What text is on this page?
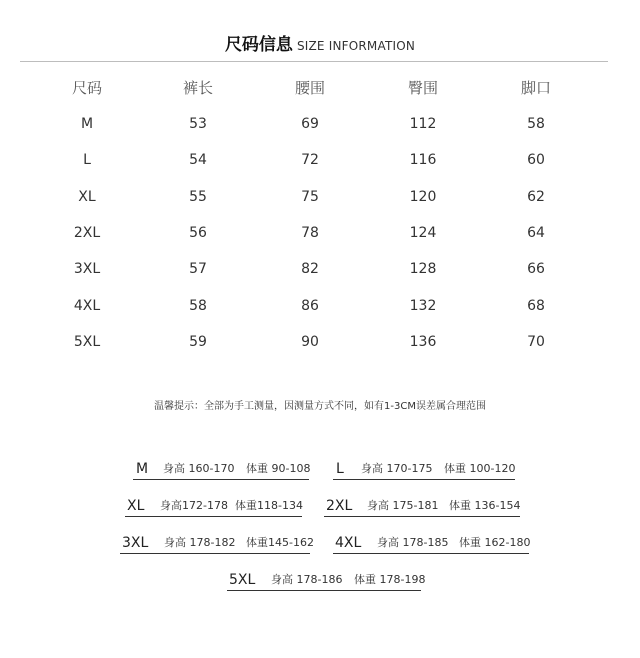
尺码信息 SIZE INFORMATION
尺码	裤长	腰围	臀围	脚口
M	53	69	112	58
L	54	72	116	60
XL	55	75	120	62
2XL	56	78	124	64
3XL	57	82	128	66
4XL	58	86	132	68
5XL	59	90	136	70
温馨提示：全部为手工测量，因测量方式不同，如有1-3CM误差属合理范围
M 身高 160-170 体重 90-108 L 身高 170-175 体重 100-120
XL 身高172-178 体重118-134 2XL 身高 175-181 体重 136-154
3XL 身高 178-182 体重145-162 4XL 身高 178-185 体重 162-180
5XL 身高 178-186 体重 178-198
